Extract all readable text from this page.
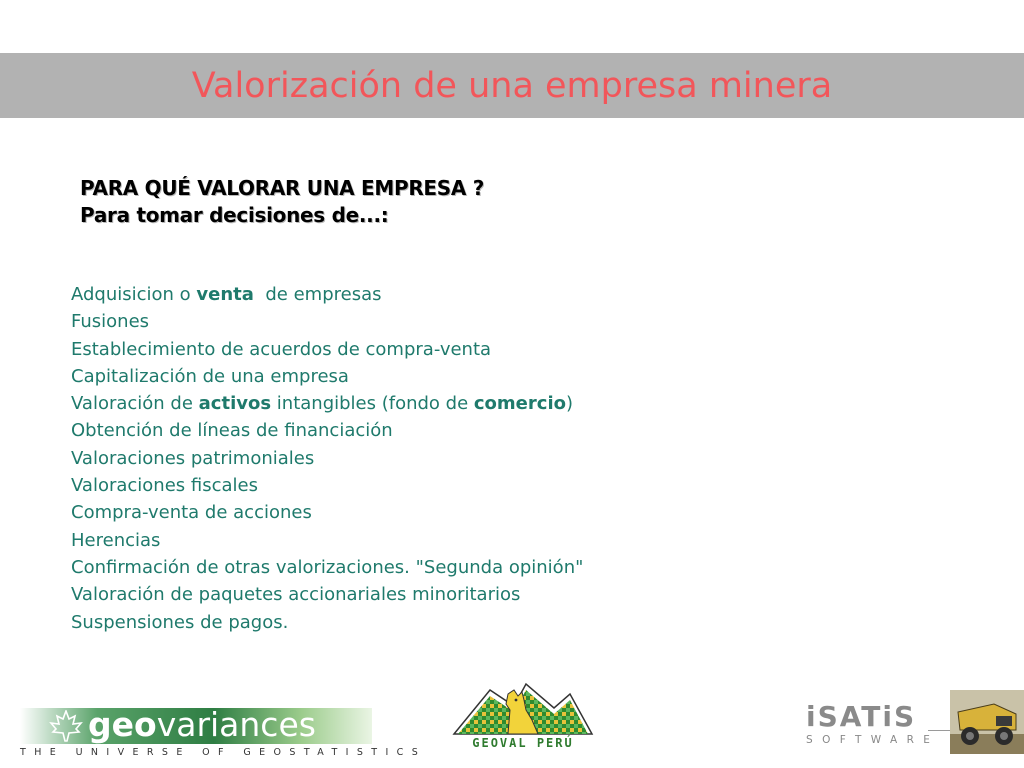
Valorización de una empresa minera
PARA QUÉ VALORAR UNA EMPRESA ?
Para tomar decisiones de...:
Adquisicion o venta  de empresas
Fusiones
Establecimiento de acuerdos de compra-venta
Capitalización de una empresa
Valoración de activos intangibles (fondo de comercio)
Obtención de líneas de financiación
Valoraciones patrimoniales
Valoraciones fiscales
Compra-venta de acciones
Herencias
Confirmación de otras valorizaciones. "Segunda opinión"
Valoración de paquetes accionariales minoritarios
Suspensiones de pagos.
geovariances
THE UNIVERSE OF GEOSTATISTICS
GEOVAL PERÚ
iSATiS
SOFTWARE
